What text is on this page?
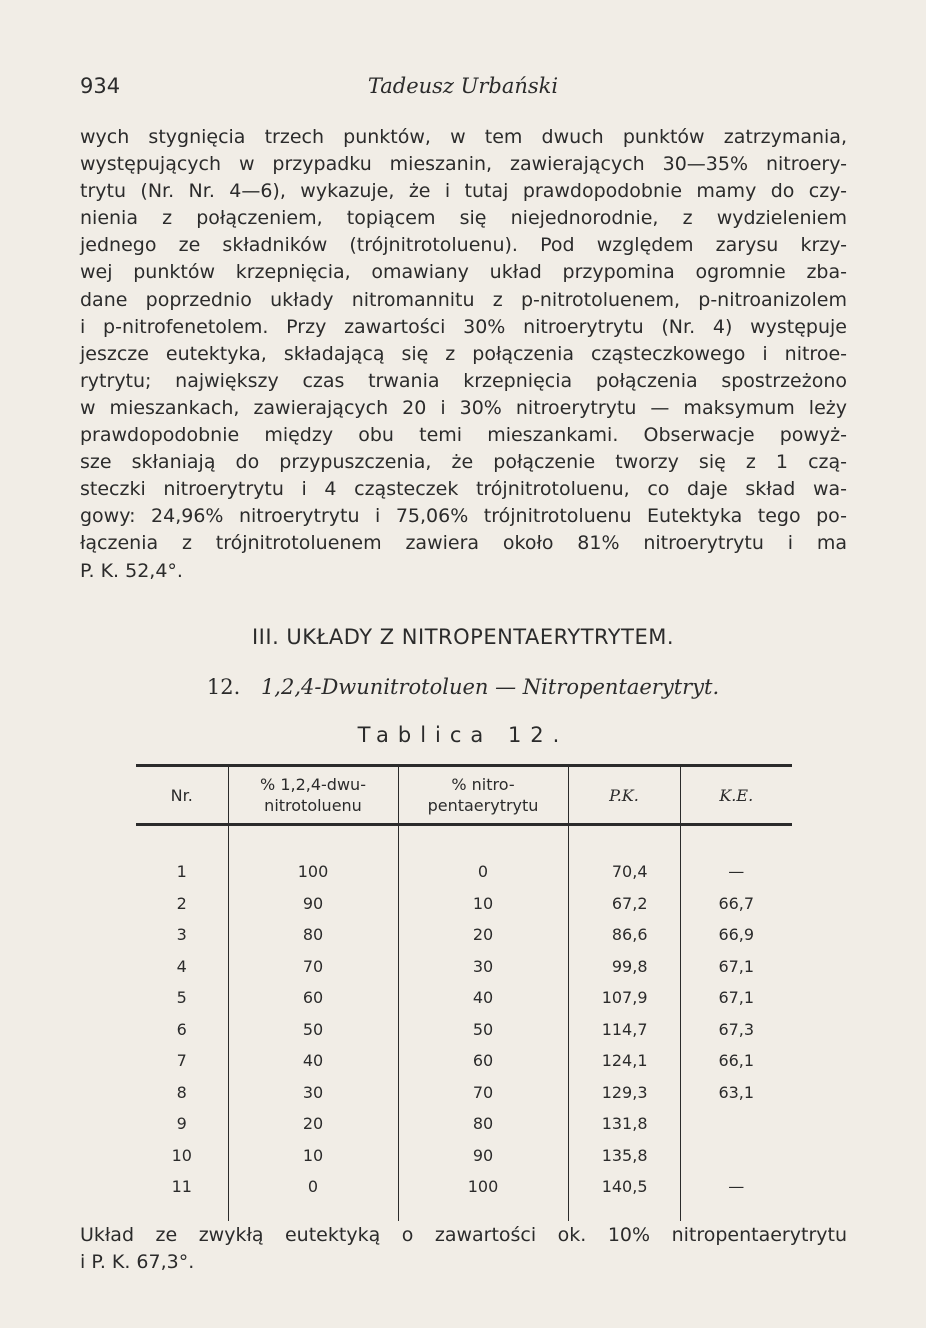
934	Tadeusz Urbański
wych stygnięcia trzech punktów, w tem dwuch punktów zatrzymania,
występujących w przypadku mieszanin, zawierających 30—35% nitroery-
trytu (Nr. Nr. 4—6), wykazuje, że i tutaj prawdopodobnie mamy do czy-
nienia z połączeniem, topiącem się niejednorodnie, z wydzieleniem
jednego ze składników (trójnitrotoluenu). Pod względem zarysu krzy-
wej punktów krzepnięcia, omawiany układ przypomina ogromnie zba-
dane poprzednio układy nitromannitu z p-nitrotoluenem, p-nitroanizolem
i p-nitrofenetolem. Przy zawartości 30% nitroerytrytu (Nr. 4) występuje
jeszcze eutektyka, składającą się z połączenia cząsteczkowego i nitroe-
rytrytu; największy czas trwania krzepnięcia połączenia spostrzeżono
w mieszankach, zawierających 20 i 30% nitroerytrytu — maksymum leży
prawdopodobnie między obu temi mieszankami. Obserwacje powyż-
sze skłaniają do przypuszczenia, że połączenie tworzy się z 1 czą-
steczki nitroerytrytu i 4 cząsteczek trójnitrotoluenu, co daje skład wa-
gowy: 24,96% nitroerytrytu i 75,06% trójnitrotoluenu Eutektyka tego po-
łączenia z trójnitrotoluenem zawiera około 81% nitroerytrytu i ma
P. K. 52,4°.
III. UKŁADY Z NITROPENTAERYTRYTEM.
12. 1,2,4-Dwunitrotoluen — Nitropentaerytryt.
Tablica 12.
Nr.	% 1,2,4-dwu-nitrotoluenu	% nitro-pentaerytrytu	P.K.	K.E.
1	100	0	70,4	—
2	90	10	67,2	66,7
3	80	20	86,6	66,9
4	70	30	99,8	67,1
5	60	40	107,9	67,1
6	50	50	114,7	67,3
7	40	60	124,1	66,1
8	30	70	129,3	63,1
9	20	80	131,8	
10	10	90	135,8	
11	0	100	140,5	—
Układ ze zwykłą eutektyką o zawartości ok. 10% nitropentaerytrytu
i P. K. 67,3°.
